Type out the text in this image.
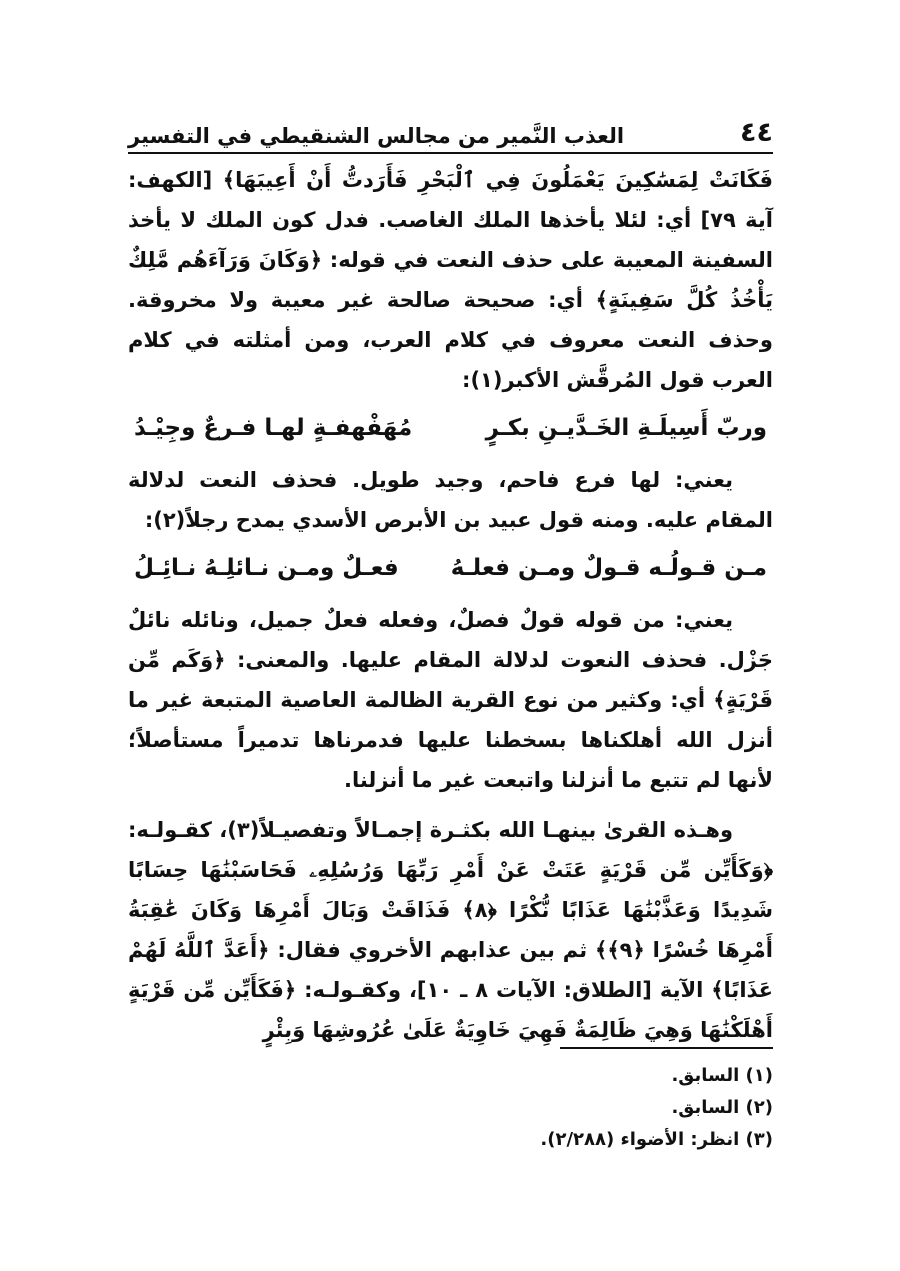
٤٤
العذب النَّمير من مجالس الشنقيطي في التفسير

فَكَانَتْ لِمَسَٰكِينَ يَعْمَلُونَ فِي ٱلْبَحْرِ فَأَرَدتُّ أَنْ أَعِيبَهَا﴾ [الكهف: آية ٧٩] أي: لئلا يأخذها الملك الغاصب. فدل كون الملك لا يأخذ السفينة المعيبة على حذف النعت في قوله: ﴿وَكَانَ وَرَآءَهُم مَّلِكٌ يَأْخُذُ كُلَّ سَفِينَةٍ﴾ أي: صحيحة صالحة غير معيبة ولا مخروقة. وحذف النعت معروف في كلام العرب، ومن أمثلته في كلام العرب قول المُرقَّش الأكبر(١):

وربّ أَسِيلَـةِ الخَـدَّيـنِ بكـرٍ
مُهَفْهفـةٍ لهـا فـرعٌ وجِيْـدُ

يعني: لها فرع فاحم، وجيد طويل. فحذف النعت لدلالة المقام عليه. ومنه قول عبيد بن الأبرص الأسدي يمدح رجلاً(٢):

مـن قـولُـه قـولٌ ومـن فعلـهُ
فعـلٌ ومـن نـائلِـهُ نـائِـلُ

يعني: من قوله قولٌ فصلٌ، وفعله فعلٌ جميل، ونائله نائلٌ جَزْل. فحذف النعوت لدلالة المقام عليها. والمعنى: ﴿وَكَم مِّن قَرْيَةٍ﴾ أي: وكثير من نوع القرية الظالمة العاصية المتبعة غير ما أنزل الله أهلكناها بسخطنا عليها فدمرناها تدميراً مستأصلاً؛ لأنها لم تتبع ما أنزلنا واتبعت غير ما أنزلنا.

وهـذه القرىٰ بينهـا الله بكثـرة إجمـالاً وتفصيـلاً(٣)، كقـولـه: ﴿وَكَأَيِّن مِّن قَرْيَةٍ عَتَتْ عَنْ أَمْرِ رَبِّهَا وَرُسُلِهِۦ فَحَاسَبْنَٰهَا حِسَابًا شَدِيدًا وَعَذَّبْنَٰهَا عَذَابًا نُّكْرًا ﴿٨﴾ فَذَاقَتْ وَبَالَ أَمْرِهَا وَكَانَ عَٰقِبَةُ أَمْرِهَا خُسْرًا ﴿٩﴾﴾ ثم بين عذابهم الأخروي فقال: ﴿أَعَدَّ ٱللَّهُ لَهُمْ عَذَابًا﴾ الآية [الطلاق: الآيات ٨ ـ ١٠]، وكقـولـه: ﴿فَكَأَيِّن مِّن قَرْيَةٍ أَهْلَكْنَٰهَا وَهِيَ ظَالِمَةٌ فَهِيَ خَاوِيَةٌ عَلَىٰ عُرُوشِهَا وَبِئْرٍ

(١) السابق.
(٢) السابق.
(٣) انظر: الأضواء (٢/٢٨٨).
